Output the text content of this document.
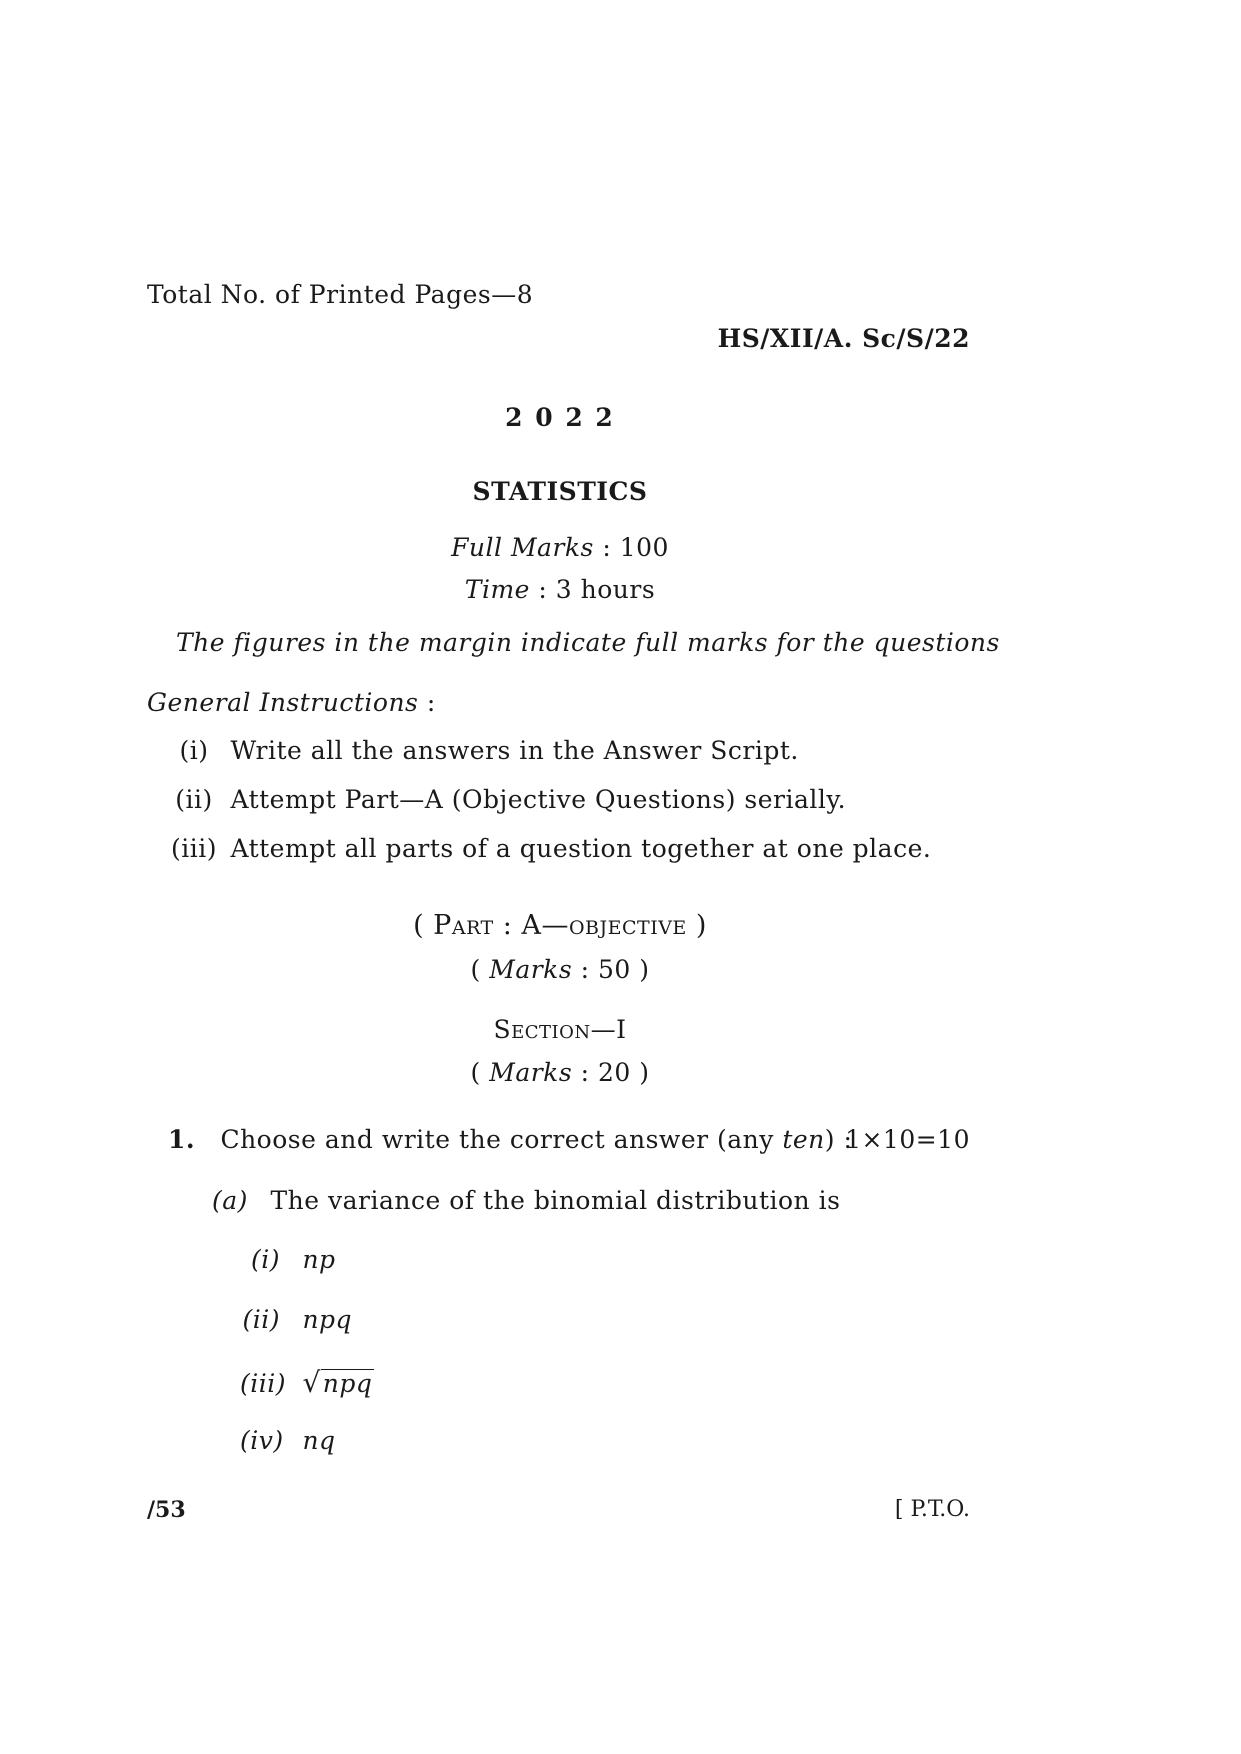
Total No. of Printed Pages—8
HS/XII/A. Sc/S/22
2 0 2 2
STATISTICS
Full Marks : 100
Time : 3 hours
The figures in the margin indicate full marks for the questions
General Instructions :
(i) Write all the answers in the Answer Script.
(ii) Attempt Part—A (Objective Questions) serially.
(iii) Attempt all parts of a question together at one place.
( Part : A—objective )
( Marks : 50 )
Section—I
( Marks : 20 )
1. Choose and write the correct answer (any ten) :
1×10=10
(a) The variance of the binomial distribution is
(i) np
(ii) npq
(iii) √npq
(iv) nq
/53	[ P.T.O.
